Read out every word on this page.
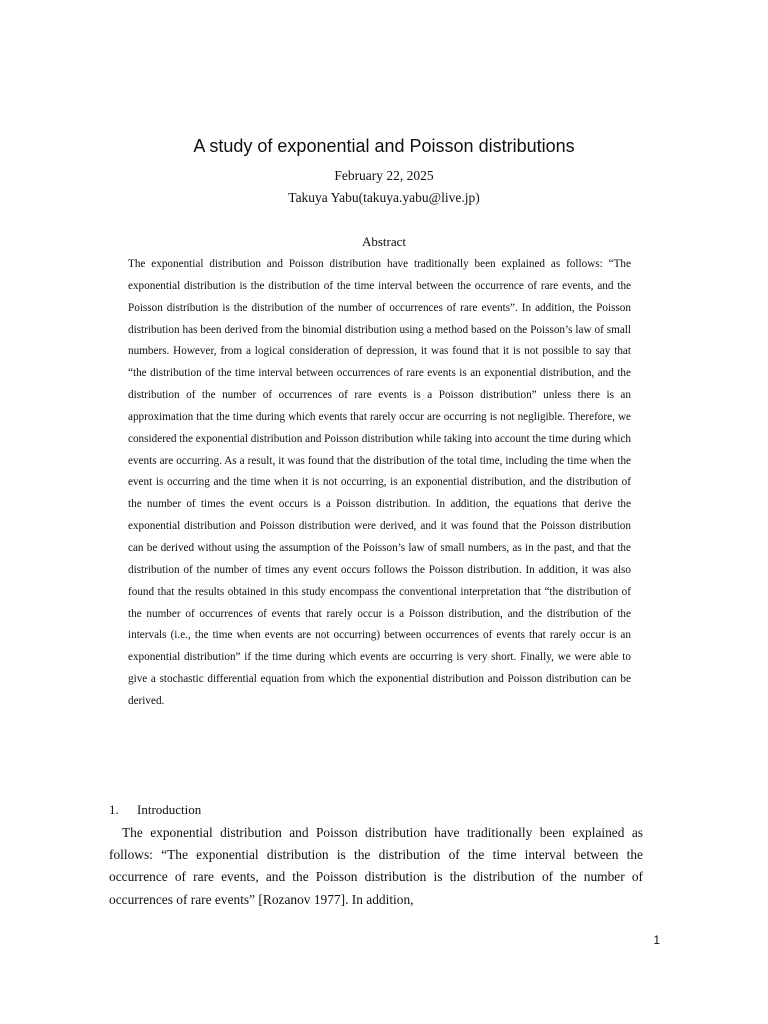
A study of exponential and Poisson distributions
February 22, 2025
Takuya Yabu(takuya.yabu@live.jp)
Abstract

The exponential distribution and Poisson distribution have traditionally been explained as follows: “The exponential distribution is the distribution of the time interval between the occurrence of rare events, and the Poisson distribution is the distribution of the number of occurrences of rare events”. In addition, the Poisson distribution has been derived from the binomial distribution using a method based on the Poisson’s law of small numbers. However, from a logical consideration of depression, it was found that it is not possible to say that “the distribution of the time interval between occurrences of rare events is an exponential distribution, and the distribution of the number of occurrences of rare events is a Poisson distribution” unless there is an approximation that the time during which events that rarely occur are occurring is not negligible. Therefore, we considered the exponential distribution and Poisson distribution while taking into account the time during which events are occurring. As a result, it was found that the distribution of the total time, including the time when the event is occurring and the time when it is not occurring, is an exponential distribution, and the distribution of the number of times the event occurs is a Poisson distribution. In addition, the equations that derive the exponential distribution and Poisson distribution were derived, and it was found that the Poisson distribution can be derived without using the assumption of the Poisson’s law of small numbers, as in the past, and that the distribution of the number of times any event occurs follows the Poisson distribution. In addition, it was also found that the results obtained in this study encompass the conventional interpretation that “the distribution of the number of occurrences of events that rarely occur is a Poisson distribution, and the distribution of the intervals (i.e., the time when events are not occurring) between occurrences of events that rarely occur is an exponential distribution” if the time during which events are occurring is very short. Finally, we were able to give a stochastic differential equation from which the exponential distribution and Poisson distribution can be derived.

1. Introduction

The exponential distribution and Poisson distribution have traditionally been explained as follows: “The exponential distribution is the distribution of the time interval between the occurrence of rare events, and the Poisson distribution is the distribution of the number of occurrences of rare events” [Rozanov 1977]. In addition,

1
